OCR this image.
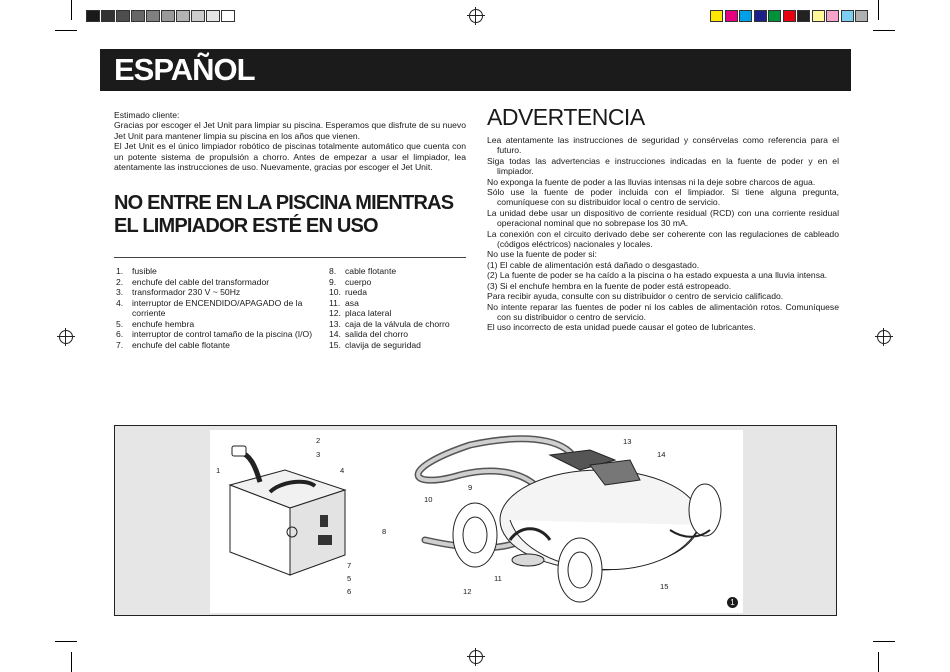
ESPAÑOL

Estimado cliente:

Gracias por escoger el Jet Unit para limpiar su piscina. Esperamos que disfrute de su nuevo Jet Unit para mantener limpia su piscina en los años que vienen.

El Jet Unit es el único limpiador robótico de piscinas totalmente automático que cuenta con un potente sistema de propulsión a chorro. Antes de empezar a usar el limpiador, lea atentamente las instrucciones de uso. Nuevamente, gracias por escoger el Jet Unit.

NO ENTRE EN LA PISCINA MIENTRAS
EL LIMPIADOR ESTÉ EN USO
1. fusible
2. enchufe del cable del transformador
3. transformador 230 V ~ 50Hz
4. interruptor de ENCENDIDO/APAGADO de la corriente
5. enchufe hembra
6. interruptor de control tamaño de la piscina (I/O)
7. enchufe del cable flotante
8. cable flotante
9. cuerpo
10. rueda
11. asa
12. placa lateral
13. caja de la válvula de chorro
14. salida del chorro
15. clavija de seguridad
ADVERTENCIA

Lea atentamente las instrucciones de seguridad y consérvelas como referencia para el futuro.

Siga todas las advertencias e instrucciones indicadas en la fuente de poder y en el limpiador.

No exponga la fuente de poder a las lluvias intensas ni la deje sobre charcos de agua.

Sólo use la fuente de poder incluida con el limpiador. Si tiene alguna pregunta, comuníquese con su distribuidor local o centro de servicio.

La unidad debe usar un dispositivo de corriente residual (RCD) con una corriente residual operacional nominal que no sobrepase los 30 mA.

La conexión con el circuito derivado debe ser coherente con las regulaciones de cableado (códigos eléctricos) nacionales y locales.

No use la fuente de poder si:

(1) El cable de alimentación está dañado o desgastado.

(2) La fuente de poder se ha caído a la piscina o ha estado expuesta a una lluvia intensa.

(3) Si el enchufe hembra en la fuente de poder está estropeado.

Para recibir ayuda, consulte con su distribuidor o centro de servicio calificado.

No intente reparar las fuentes de poder ni los cables de alimentación rotos. Comuníquese con su distribuidor o centro de servicio.

El uso incorrecto de esta unidad puede causar el goteo de lubricantes.

1
2
3
4
5
6
7
8
9
10
11
12
13
14
15
1
